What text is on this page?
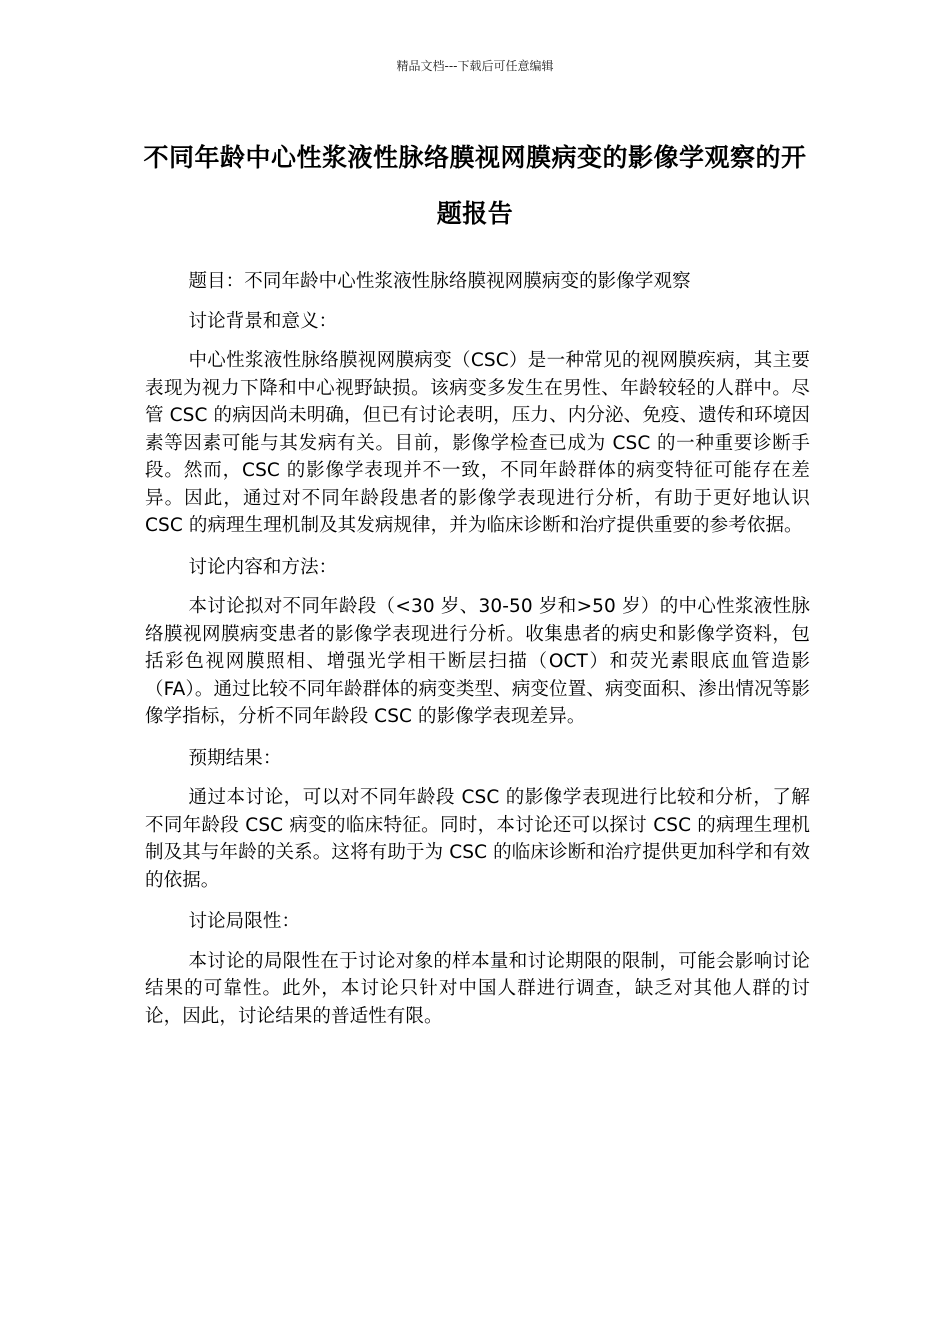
精品文档---下载后可任意编辑
不同年龄中心性浆液性脉络膜视网膜病变的影像学观察的开题报告

题目：不同年龄中心性浆液性脉络膜视网膜病变的影像学观察

讨论背景和意义：

中心性浆液性脉络膜视网膜病变（CSC）是一种常见的视网膜疾病，其主要表现为视力下降和中心视野缺损。该病变多发生在男性、年龄较轻的人群中。尽管 CSC 的病因尚未明确，但已有讨论表明，压力、内分泌、免疫、遗传和环境因素等因素可能与其发病有关。目前，影像学检查已成为 CSC 的一种重要诊断手段。然而，CSC 的影像学表现并不一致，不同年龄群体的病变特征可能存在差异。因此，通过对不同年龄段患者的影像学表现进行分析，有助于更好地认识 CSC 的病理生理机制及其发病规律，并为临床诊断和治疗提供重要的参考依据。

讨论内容和方法：

本讨论拟对不同年龄段（<30 岁、30-50 岁和>50 岁）的中心性浆液性脉络膜视网膜病变患者的影像学表现进行分析。收集患者的病史和影像学资料，包括彩色视网膜照相、增强光学相干断层扫描（OCT）和荧光素眼底血管造影（FA）。通过比较不同年龄群体的病变类型、病变位置、病变面积、渗出情况等影像学指标，分析不同年龄段 CSC 的影像学表现差异。

预期结果：

通过本讨论，可以对不同年龄段 CSC 的影像学表现进行比较和分析，了解不同年龄段 CSC 病变的临床特征。同时，本讨论还可以探讨 CSC 的病理生理机制及其与年龄的关系。这将有助于为 CSC 的临床诊断和治疗提供更加科学和有效的依据。

讨论局限性：

本讨论的局限性在于讨论对象的样本量和讨论期限的限制，可能会影响讨论结果的可靠性。此外，本讨论只针对中国人群进行调查，缺乏对其他人群的讨论，因此，讨论结果的普适性有限。
